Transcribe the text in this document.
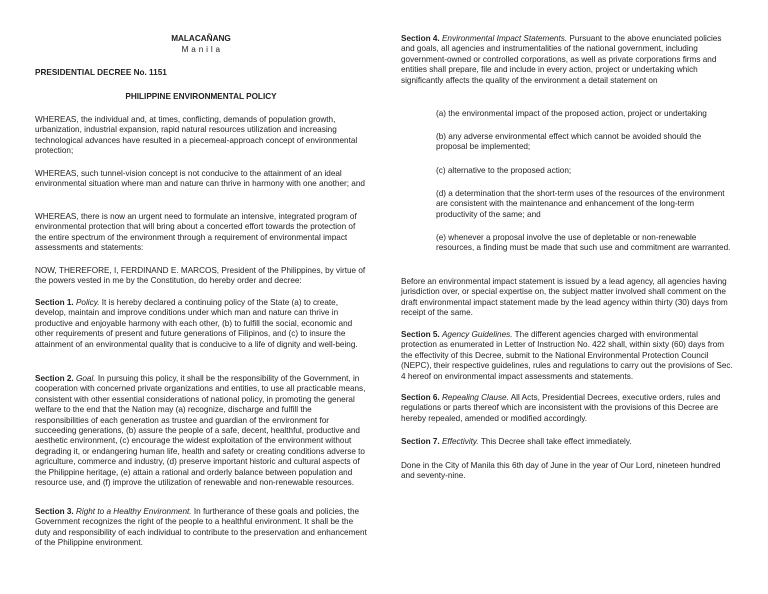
MALACAÑANG

M a n i l a

PRESIDENTIAL DECREE No. 1151

PHILIPPINE ENVIRONMENTAL POLICY

WHEREAS, the individual and, at times, conflicting, demands of population growth, urbanization, industrial expansion, rapid natural resources utilization and increasing technological advances have resulted in a piecemeal-approach concept of environmental protection;

WHEREAS, such tunnel-vision concept is not conducive to the attainment of an ideal environmental situation where man and nature can thrive in harmony with one another; and

WHEREAS, there is now an urgent need to formulate an intensive, integrated program of environmental protection that will bring about a concerted effort towards the protection of the entire spectrum of the environment through a requirement of environmental impact assessments and statements:

NOW, THEREFORE, I, FERDINAND E. MARCOS, President of the Philippines, by virtue of the powers vested in me by the Constitution, do hereby order and decree:

Section 1. Policy. It is hereby declared a continuing policy of the State (a) to create, develop, maintain and improve conditions under which man and nature can thrive in productive and enjoyable harmony with each other, (b) to fulfill the social, economic and other requirements of present and future generations of Filipinos, and (c) to insure the attainment of an environmental quality that is conducive to a life of dignity and well-being.

Section 2. Goal. In pursuing this policy, it shall be the responsibility of the Government, in cooperation with concerned private organizations and entities, to use all practicable means, consistent with other essential considerations of national policy, in promoting the general welfare to the end that the Nation may (a) recognize, discharge and fulfill the responsibilities of each generation as trustee and guardian of the environment for succeeding generations, (b) assure the people of a safe, decent, healthful, productive and aesthetic environment, (c) encourage the widest exploitation of the environment without degrading it, or endangering human life, health and safety or creating conditions adverse to agriculture, commerce and industry, (d) preserve important historic and cultural aspects of the Philippine heritage, (e) attain a rational and orderly balance between population and resource use, and (f) improve the utilization of renewable and non-renewable resources.

Section 3. Right to a Healthy Environment. In furtherance of these goals and policies, the Government recognizes the right of the people to a healthful environment. It shall be the duty and responsibility of each individual to contribute to the preservation and enhancement of the Philippine environment.

Section 4. Environmental Impact Statements. Pursuant to the above enunciated policies and goals, all agencies and instrumentalities of the national government, including government-owned or controlled corporations, as well as private corporations firms and entities shall prepare, file and include in every action, project or undertaking which significantly affects the quality of the environment a detail statement on

(a) the environmental impact of the proposed action, project or undertaking

(b) any adverse environmental effect which cannot be avoided should the proposal be implemented;

(c) alternative to the proposed action;

(d) a determination that the short-term uses of the resources of the environment are consistent with the maintenance and enhancement of the long-term productivity of the same; and

(e) whenever a proposal involve the use of depletable or non-renewable resources, a finding must be made that such use and commitment are warranted.

Before an environmental impact statement is issued by a lead agency, all agencies having jurisdiction over, or special expertise on, the subject matter involved shall comment on the draft environmental impact statement made by the lead agency within thirty (30) days from receipt of the same.

Section 5. Agency Guidelines. The different agencies charged with environmental protection as enumerated in Letter of Instruction No. 422 shall, within sixty (60) days from the effectivity of this Decree, submit to the National Environmental Protection Council (NEPC), their respective guidelines, rules and regulations to carry out the provisions of Sec. 4 hereof on environmental impact assessments and statements.

Section 6. Repealing Clause. All Acts, Presidential Decrees, executive orders, rules and regulations or parts thereof which are inconsistent with the provisions of this Decree are hereby repealed, amended or modified accordingly.

Section 7. Effectivity. This Decree shall take effect immediately.

Done in the City of Manila this 6th day of June in the year of Our Lord, nineteen hundred and seventy-nine.
